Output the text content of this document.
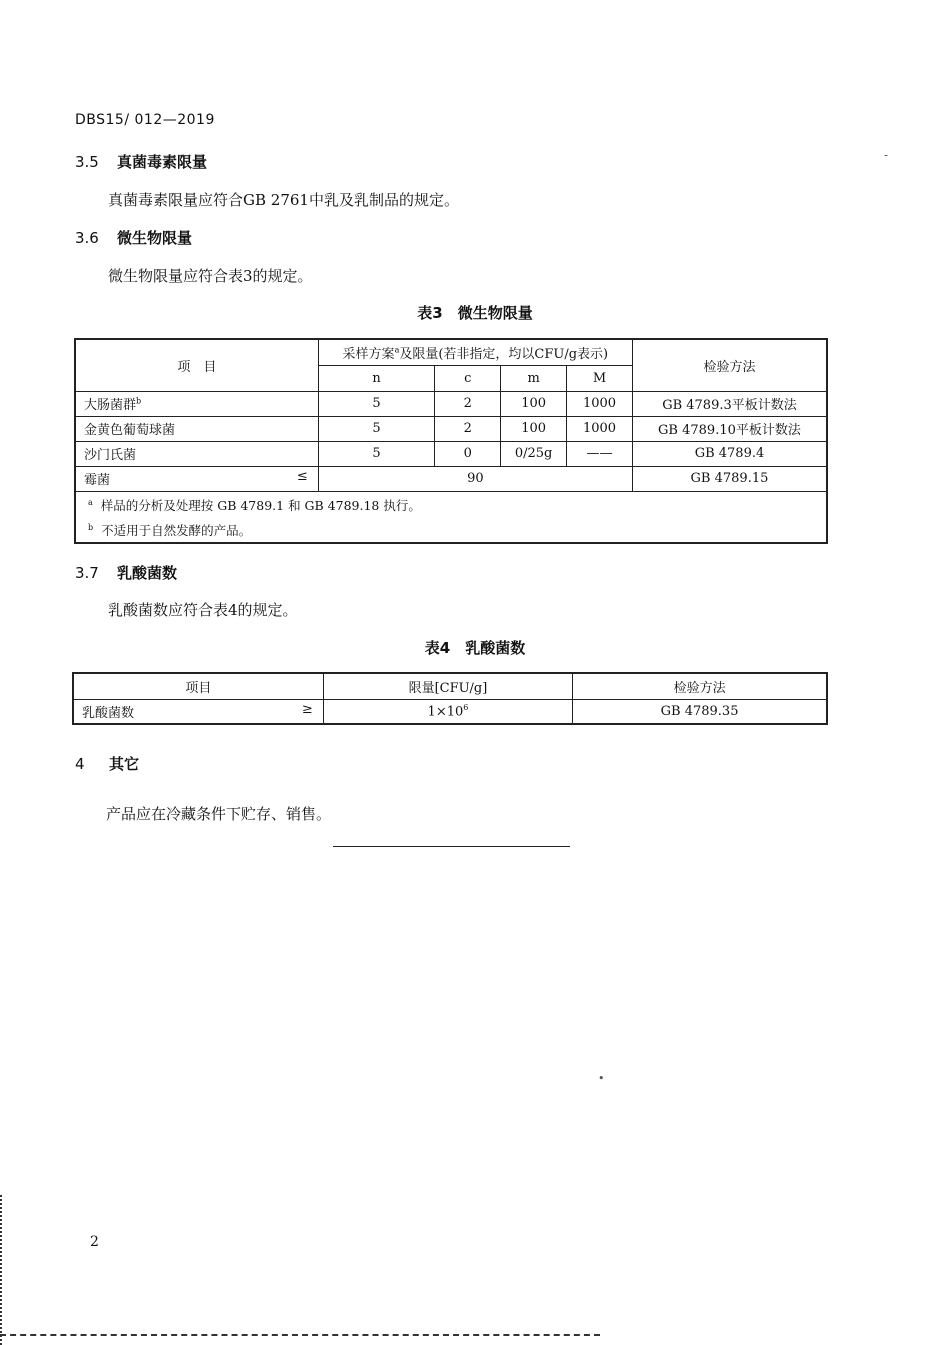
DBS15/ 012—2019
-
3.5 真菌毒素限量
真菌毒素限量应符合GB 2761中乳及乳制品的规定。
3.6 微生物限量
微生物限量应符合表3的规定。
表3　微生物限量
项　目	采样方案$^a$及限量(若非指定，均以CFU/g表示)				检验方法
	n	c	m	M	
大肠菌群$^b$	5	2	100	1000	GB 4789.3平板计数法
金黄色葡萄球菌	5	2	100	1000	GB 4789.10平板计数法
沙门氏菌	5	0	0/25g	——	GB 4789.4
霉菌 ≤	90				GB 4789.15

$^a$ 样品的分析及处理按 GB 4789.1 和 GB 4789.18 执行。
$^b$ 不适用于自然发酵的产品。					
3.7 乳酸菌数
乳酸菌数应符合表4的规定。
表4　乳酸菌数
项目	限量[CFU/g]	检验方法
乳酸菌数 ≥	$1\times 10^6$	GB 4789.35
4 其它
产品应在冷藏条件下贮存、销售。
•
2
